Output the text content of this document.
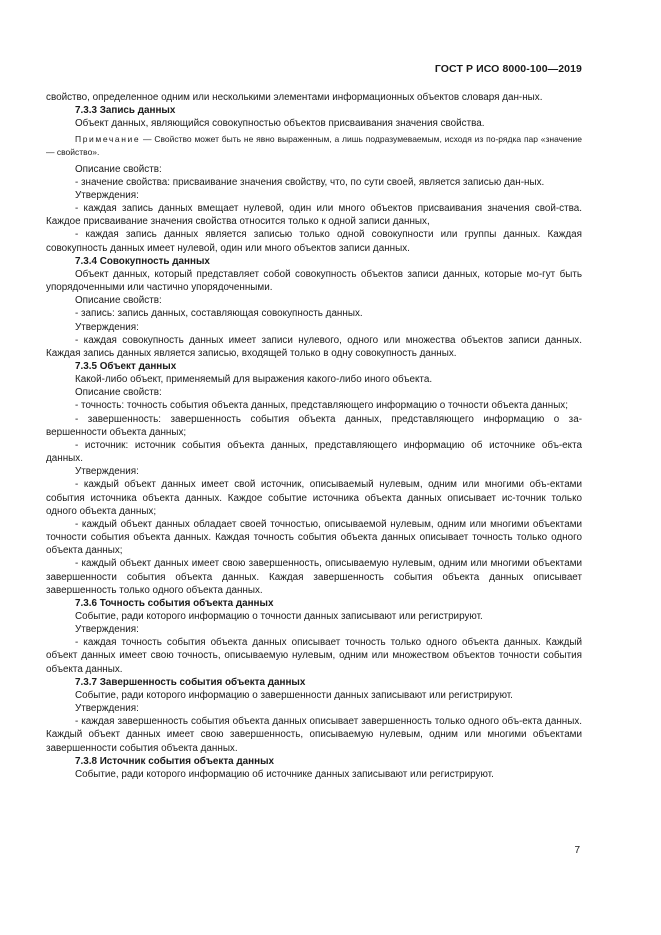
ГОСТ Р ИСО 8000-100—2019

свойство, определенное одним или несколькими элементами информационных объектов словаря дан-ных.

7.3.3 Запись данных

Объект данных, являющийся совокупностью объектов присваивания значения свойства.

Примечание — Свойство может быть не явно выраженным, а лишь подразумеваемым, исходя из по-рядка пар «значение — свойство».

Описание свойств:

- значение свойства: присваивание значения свойству, что, по сути своей, является записью дан-ных.

Утверждения:

- каждая запись данных вмещает нулевой, один или много объектов присваивания значения свой-ства. Каждое присваивание значения свойства относится только к одной записи данных,

- каждая запись данных является записью только одной совокупности или группы данных. Каждая совокупность данных имеет нулевой, один или много объектов записи данных.

7.3.4 Совокупность данных

Объект данных, который представляет собой совокупность объектов записи данных, которые мо-гут быть упорядоченными или частично упорядоченными.

Описание свойств:

- запись: запись данных, составляющая совокупность данных.

Утверждения:

- каждая совокупность данных имеет записи нулевого, одного или множества объектов записи данных. Каждая запись данных является записью, входящей только в одну совокупность данных.

7.3.5 Объект данных

Какой-либо объект, применяемый для выражения какого-либо иного объекта.

Описание свойств:

- точность: точность события объекта данных, представляющего информацию о точности объекта данных;

- завершенность: завершенность события объекта данных, представляющего информацию о за-вершенности объекта данных;

- источник: источник события объекта данных, представляющего информацию об источнике объ-екта данных.

Утверждения:

- каждый объект данных имеет свой источник, описываемый нулевым, одним или многими объ-ектами события источника объекта данных. Каждое событие источника объекта данных описывает ис-точник только одного объекта данных;

- каждый объект данных обладает своей точностью, описываемой нулевым, одним или многими объектами точности события объекта данных. Каждая точность события объекта данных описывает точность только одного объекта данных;

- каждый объект данных имеет свою завершенность, описываемую нулевым, одним или многими объектами завершенности события объекта данных. Каждая завершенность события объекта данных описывает завершенность только одного объекта данных.

7.3.6 Точность события объекта данных

Событие, ради которого информацию о точности данных записывают или регистрируют.

Утверждения:

- каждая точность события объекта данных описывает точность только одного объекта данных. Каждый объект данных имеет свою точность, описываемую нулевым, одним или множеством объектов точности события объекта данных.

7.3.7 Завершенность события объекта данных

Событие, ради которого информацию о завершенности данных записывают или регистрируют.

Утверждения:

- каждая завершенность события объекта данных описывает завершенность только одного объ-екта данных. Каждый объект данных имеет свою завершенность, описываемую нулевым, одним или многими объектами завершенности события объекта данных.

7.3.8 Источник события объекта данных

Событие, ради которого информацию об источнике данных записывают или регистрируют.

7
